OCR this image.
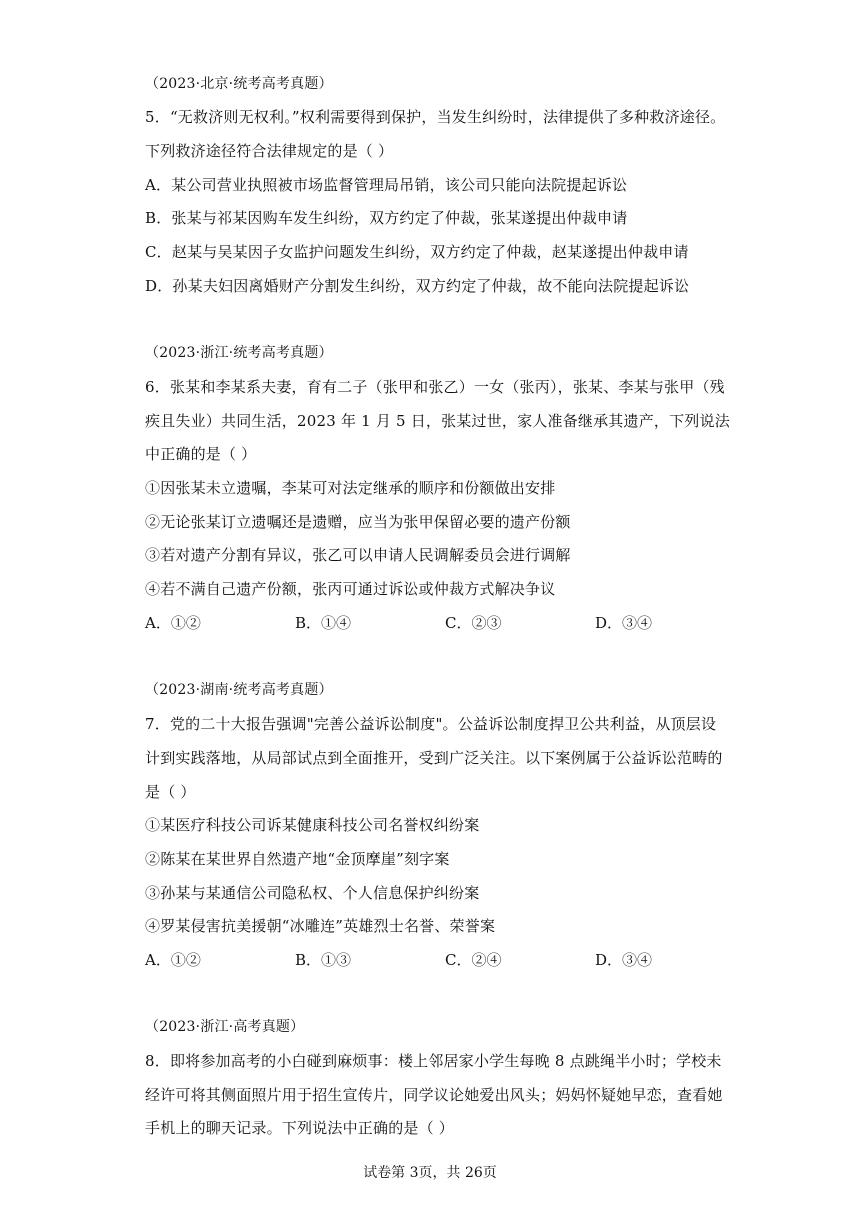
（2023·北京·统考高考真题）
5．“无救济则无权利。”权利需要得到保护，当发生纠纷时，法律提供了多种救济途径。
下列救济途径符合法律规定的是（ ）
A．某公司营业执照被市场监督管理局吊销，该公司只能向法院提起诉讼
B．张某与祁某因购车发生纠纷，双方约定了仲裁，张某遂提出仲裁申请
C．赵某与吴某因子女监护问题发生纠纷，双方约定了仲裁，赵某遂提出仲裁申请
D．孙某夫妇因离婚财产分割发生纠纷，双方约定了仲裁，故不能向法院提起诉讼
（2023·浙江·统考高考真题）
6．张某和李某系夫妻，育有二子（张甲和张乙）一女（张丙），张某、李某与张甲（残
疾且失业）共同生活，2023 年 1 月 5 日，张某过世，家人准备继承其遗产，下列说法
中正确的是（ ）
①因张某未立遗嘱，李某可对法定继承的顺序和份额做出安排
②无论张某订立遗嘱还是遗赠，应当为张甲保留必要的遗产份额
③若对遗产分割有异议，张乙可以申请人民调解委员会进行调解
④若不满自己遗产份额，张丙可通过诉讼或仲裁方式解决争议
A．①②	B．①④	C．②③	D．③④
（2023·湖南·统考高考真题）
7．党的二十大报告强调"完善公益诉讼制度"。公益诉讼制度捍卫公共利益，从顶层设
计到实践落地，从局部试点到全面推开，受到广泛关注。以下案例属于公益诉讼范畴的
是（ ）
①某医疗科技公司诉某健康科技公司名誉权纠纷案
②陈某在某世界自然遗产地“金顶摩崖”刻字案
③孙某与某通信公司隐私权、个人信息保护纠纷案
④罗某侵害抗美援朝“冰雕连”英雄烈士名誉、荣誉案
A．①②	B．①③	C．②④	D．③④
（2023·浙江·高考真题）
8．即将参加高考的小白碰到麻烦事：楼上邻居家小学生每晚 8 点跳绳半小时；学校未
经许可将其侧面照片用于招生宣传片，同学议论她爱出风头；妈妈怀疑她早恋，查看她
手机上的聊天记录。下列说法中正确的是（ ）
试卷第 3页，共 26页
